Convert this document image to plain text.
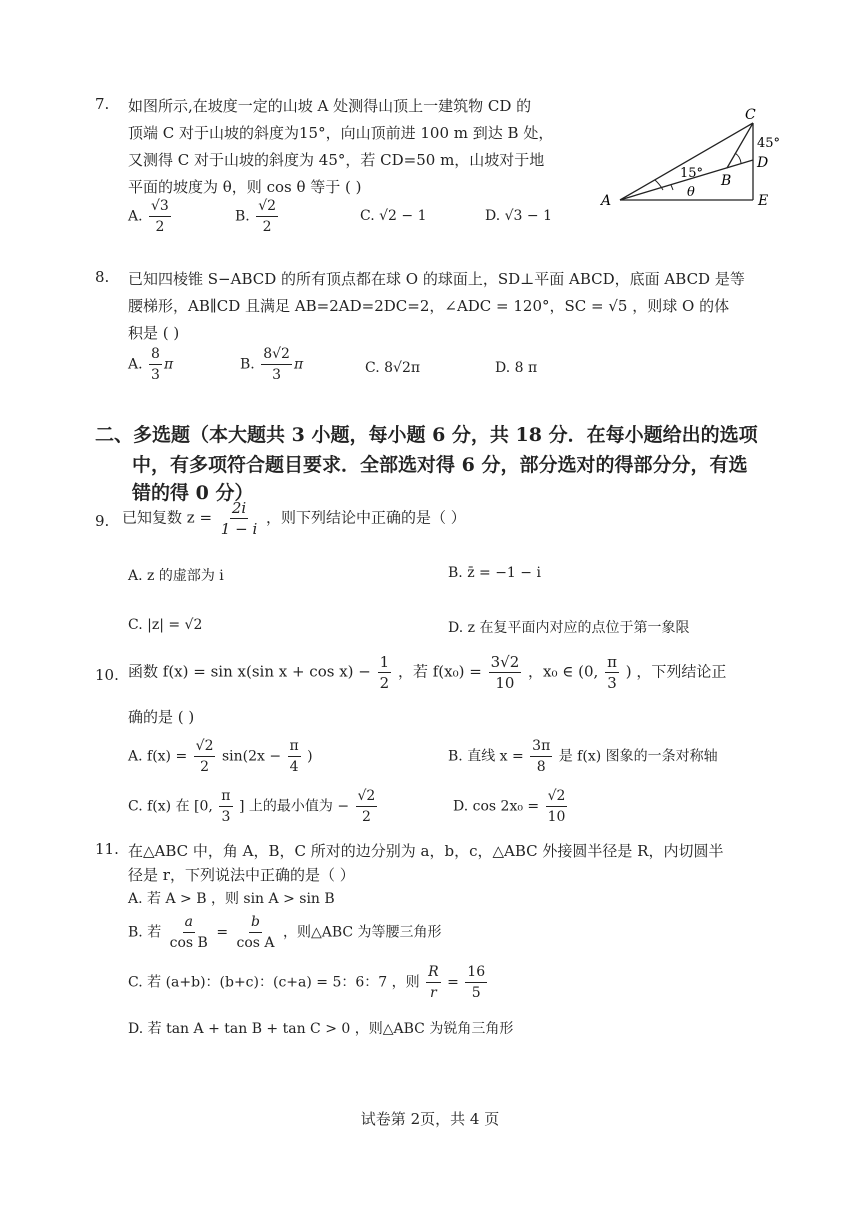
7. 如图所示,在坡度一定的山坡 A 处测得山顶上一建筑物 CD 的
顶端 C 对于山坡的斜度为15°，向山顶前进 100 m 到达 B 处，
又测得 C 对于山坡的斜度为 45°，若 CD=50 m，山坡对于地
平面的坡度为 θ，则 cos θ 等于 ( )
A. $\frac{√3}{2}$	B. $\frac{√2}{2}$	C. √2 − 1	D. √3 − 1
C
45°
D
15° B
θ
A	E
8. 已知四棱锥 S−ABCD 的所有顶点都在球 O 的球面上，SD⊥平面 ABCD，底面 ABCD 是等
腰梯形，AB∥CD 且满足 AB=2AD=2DC=2，∠ADC = 120°，SC = √5 ，则球 O 的体
积是 ( )
A. $\frac{8}{3}$ π	B. $\frac{8√2}{3}$ π	C. 8√2π	D. 8 π
二、多选题（本大题共 3 小题，每小题 6 分，共 18 分．在每小题给出的选项
中，有多项符合题目要求．全部选对得 6 分，部分选对的得部分分，有选
错的得 0 分）
9. 已知复数 $z = \frac{2i}{1 - i}$ ，则下列结论中正确的是（ ）
A. z 的虚部为 i	B. z̄ = −1 − i
C. |z| = √2	D. z 在复平面内对应的点位于第一象限
10. 函数 f(x) = sin x(sin $x + \cos x) - \frac{1}{2}$ ，若 $f(x_0) = \frac{3√2}{10}$ ，x₀ ∈ (0, $\frac{\pi}{3}$ ) ，下列结论正
确的是 ( )
A. $f(x) = \frac{√2}{2} \sin(2x - \frac{\pi}{4}$ )	B. 直线 $x = \frac{3\pi}{8}$ 是 f(x) 图象的一条对称轴
C. f(x) 在 [0, $\frac{\pi}{3}$ ] 上的最小值为 − $\frac{√2}{2}$	D. $\cos 2x_0 = \frac{√2}{10}$
11. 在△ABC 中，角 A，B，C 所对的边分别为 a，b，c，△ABC 外接圆半径是 R，内切圆半
径是 r，下列说法中正确的是（ ）
A. 若 A > B ，则 sin A > sin B
B. 若 $\frac{a}{\text{cos B}} = \frac{b}{\text{cos A}}$ ，则△ABC 为等腰三角形
C. 若 (a+b)：(b+c)：(c+a) = 5：6：7 ，则 $\frac{R}{r} = \frac{16}{5}$
D. 若 tan A + tan B + tan C > 0 ，则△ABC 为锐角三角形
试卷第 2页，共 4 页
